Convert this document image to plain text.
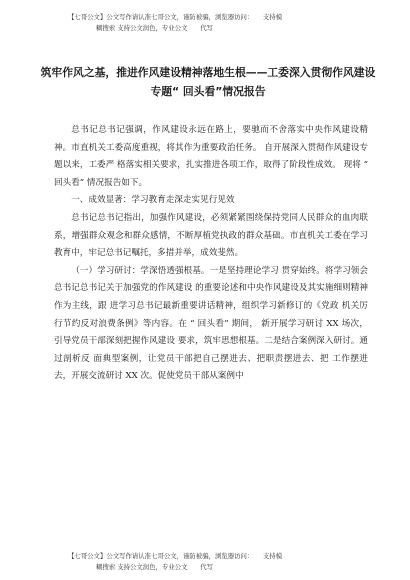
【七哥公文】公文写作请认准七哥公文，谨防被骗，浏览器访问：　　支持模
糊搜索 支持公文润色，专业公文　　代写
筑牢作风之基，推进作风建设精神落地生根——工委深入贯彻作风建设专题“ 回头看”情况报告

总书记总书记强调，作风建设永远在路上，要驰而不舍落实中央作风建设精神。市直机关工委高度重视，将其作为重要政治任务。 自开展深入贯彻作风建设专题以来，工委严 格落实相关要求，扎实推进各项工作，取得了阶段性成效。 现将 “ 回头看” 情况报告如下。

一、成效显著：学习教育走深走实见行见效

总书记总书记指出，加强作风建设，必须紧紧围绕保持党同人民群众的血肉联系，增强群众观念和群众感情，不断厚植党执政的群众基础。市直机关工委在学习教育中，牢记总书记嘱托，多措并举，成效斐然。

（一）学习研讨：学深悟透强根基。一是坚持理论学习 贯穿始终。将学习领会总书记总书记关于加强党的作风建设 的重要论述和中央作风建设及其实施细则精神作为主线，跟 进学习总书记最新重要讲话精神，组织学习新修订的《党政 机关厉行节约反对浪费条例》等内容。在 “ 回头看” 期间， 新开展学习研讨 XX 场次， 引导党员干部深刻把握作风建设 要求，筑牢思想根基。二是结合案例深入研讨。通过剖析反 面典型案例，让党员干部把自己摆进去、把职责摆进去、把 工作摆进去，开展交流研讨 XX 次。促使党员干部从案例中

【七哥公文】公文写作请认准七哥公文，谨防被骗，浏览器访问：　　支持模
糊搜索 支持公文润色，专业公文　　代写
